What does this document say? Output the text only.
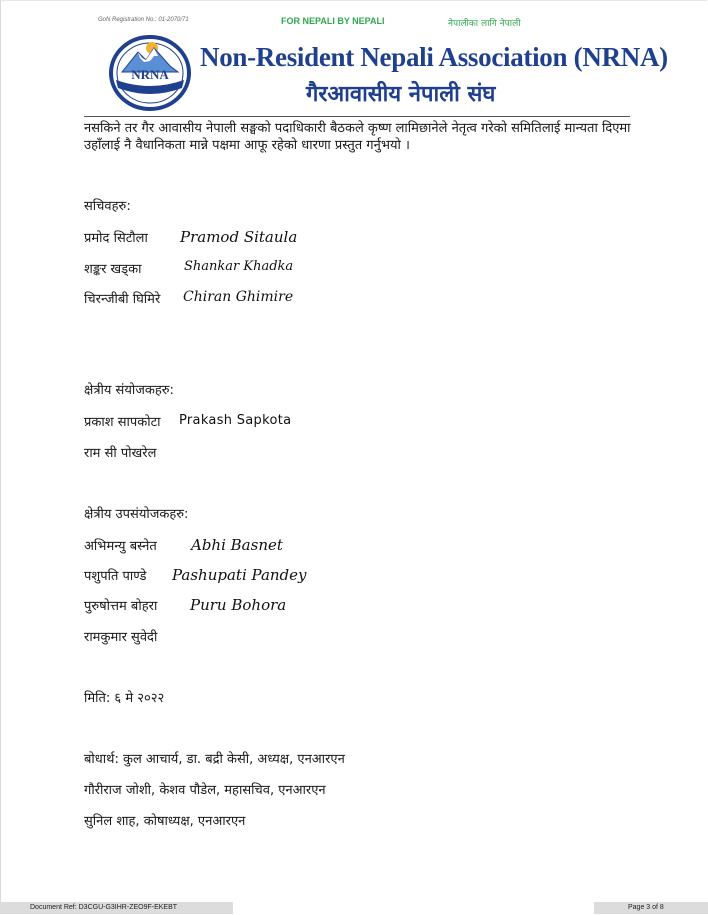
GoN Registration No.: 01-2070/71	FOR NEPALI BY NEPALI	नेपालीका लागि नेपाली
NRNA
Non-Resident Nepali Association (NRNA)
गैरआवासीय नेपाली संघ
नसकिने तर गैर आवासीय नेपाली सङ्घको पदाधिकारी बैठकले कृष्ण लामिछानेले नेतृत्व गरेको समितिलाई मान्यता दिएमा उहाँलाई नै वैधानिकता मान्ने पक्षमा आफू रहेको धारणा प्रस्तुत गर्नुभयो ।
सचिवहरु:
प्रमोद सिटौला Pramod Sitaula
शङ्कर खड्का	Shankar Khadka
चिरन्जीबी घिमिरे Chiran Ghimire
क्षेत्रीय संयोजकहरु:
प्रकाश सापकोटा Prakash Sapkota
राम सी पोखरेल
क्षेत्रीय उपसंयोजकहरु:
अभिमन्यु बस्नेत Abhi Basnet
पशुपति पाण्डे Pashupati Pandey
पुरुषोत्तम बोहरा Puru Bohora
रामकुमार सुवेदी
मिति: ६ मे २०२२
बोधार्थ: कुल आचार्य, डा. बद्री केसी, अध्यक्ष, एनआरएन
गौरीराज जोशी, केशव पौडेल, महासचिव, एनआरएन
सुनिल शाह, कोषाध्यक्ष, एनआरएन
Document Ref: D3CGU-G3IHR-ZEO9F-EKEBT	Page 3 of 8
